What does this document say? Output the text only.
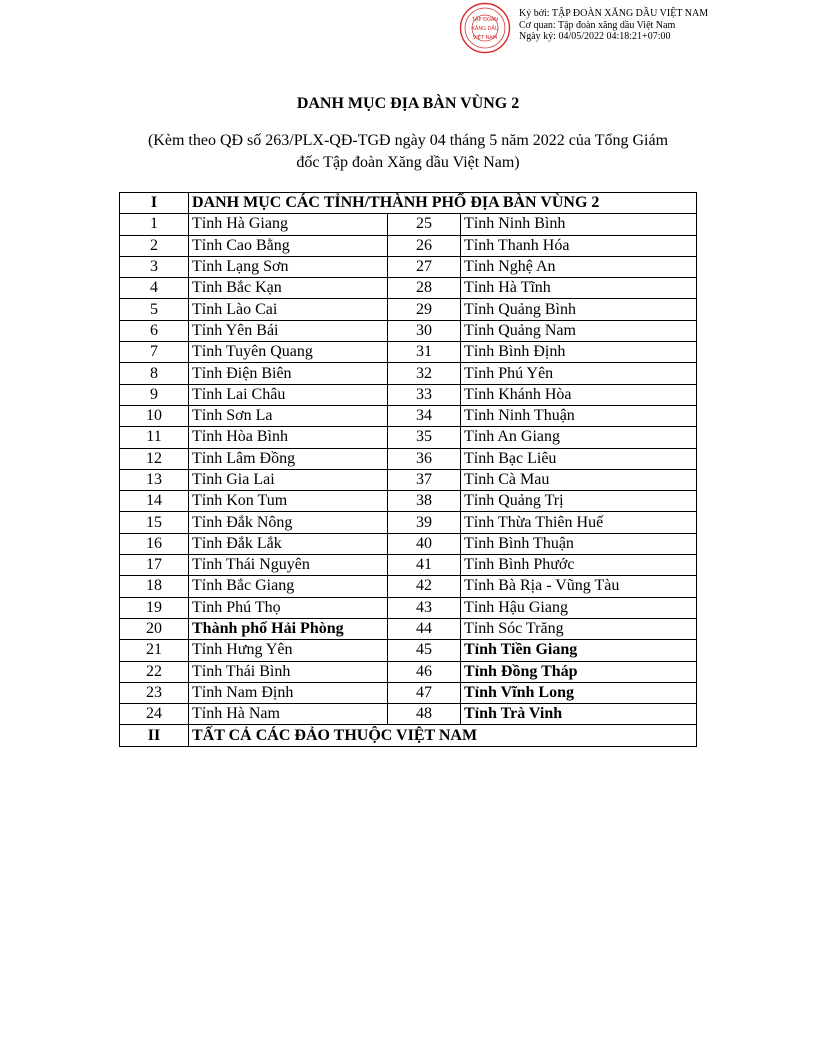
TẬP ĐOÀN
XĂNG DẦU
VIỆT NAM
Ký bởi: TẬP ĐOÀN XĂNG DẦU VIỆT NAM
Cơ quan: Tập đoàn xăng dầu Việt Nam
Ngày ký: 04/05/2022 04:18:21+07:00
DANH MỤC ĐỊA BÀN VÙNG 2
(Kèm theo QĐ số 263/PLX-QĐ-TGĐ ngày 04 tháng 5 năm 2022 của Tổng Giám
đốc Tập đoàn Xăng dầu Việt Nam)
I	DANH MỤC CÁC TỈNH/THÀNH PHỐ ĐỊA BÀN VÙNG 2		
1	Tỉnh Hà Giang	25	Tỉnh Ninh Bình
2	Tỉnh Cao Bằng	26	Tỉnh Thanh Hóa
3	Tỉnh Lạng Sơn	27	Tỉnh Nghệ An
4	Tỉnh Bắc Kạn	28	Tỉnh Hà Tĩnh
5	Tỉnh Lào Cai	29	Tỉnh Quảng Bình
6	Tỉnh Yên Bái	30	Tỉnh Quảng Nam
7	Tỉnh Tuyên Quang	31	Tỉnh Bình Định
8	Tỉnh Điện Biên	32	Tỉnh Phú Yên
9	Tỉnh Lai Châu	33	Tỉnh Khánh Hòa
10	Tỉnh Sơn La	34	Tỉnh Ninh Thuận
11	Tỉnh Hòa Bình	35	Tỉnh An Giang
12	Tỉnh Lâm Đồng	36	Tỉnh Bạc Liêu
13	Tỉnh Gia Lai	37	Tỉnh Cà Mau
14	Tỉnh Kon Tum	38	Tỉnh Quảng Trị
15	Tỉnh Đắk Nông	39	Tỉnh Thừa Thiên Huế
16	Tỉnh Đắk Lắk	40	Tỉnh Bình Thuận
17	Tỉnh Thái Nguyên	41	Tỉnh Bình Phước
18	Tỉnh Bắc Giang	42	Tỉnh Bà Rịa - Vũng Tàu
19	Tỉnh Phú Thọ	43	Tỉnh Hậu Giang
20	Thành phố Hải Phòng	44	Tỉnh Sóc Trăng
21	Tỉnh Hưng Yên	45	Tỉnh Tiền Giang
22	Tỉnh Thái Bình	46	Tỉnh Đồng Tháp
23	Tỉnh Nam Định	47	Tỉnh Vĩnh Long
24	Tỉnh Hà Nam	48	Tỉnh Trà Vinh
II	TẤT CẢ CÁC ĐẢO THUỘC VIỆT NAM		
